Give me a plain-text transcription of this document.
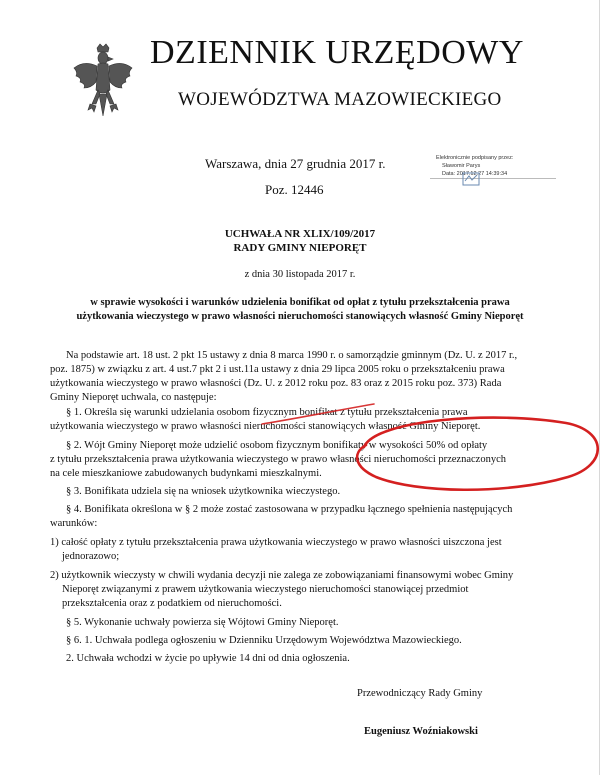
DZIENNIK URZĘDOWY
WOJEWÓDZTWA MAZOWIECKIEGO
Warszawa, dnia 27 grudnia 2017 r.
Poz. 12446
Elektronicznie podpisany przez:
Sławomir Parys
Data: 2017.12.27 14:39:34
UCHWAŁA NR XLIX/109/2017
RADY GMINY NIEPORĘT
z dnia 30 listopada 2017 r.
w sprawie wysokości i warunków udzielenia bonifikat od opłat z tytułu przekształcenia prawa
użytkowania wieczystego w prawo własności nieruchomości stanowiących własność Gminy Nieporęt
Na podstawie art. 18 ust. 2 pkt 15 ustawy z dnia 8 marca 1990 r. o samorządzie gminnym (Dz. U. z 2017 r.,
poz. 1875) w związku z art. 4 ust.7 pkt 2 i ust.11a ustawy z dnia 29 lipca 2005 roku o przekształceniu prawa
użytkowania wieczystego w prawo własności (Dz. U. z 2012 roku poz. 83 oraz z 2015 roku poz. 373) Rada
Gminy Nieporęt uchwala, co następuje:
§ 1. Określa się warunki udzielania osobom fizycznym bonifikat z tytułu przekształcenia prawa
użytkowania wieczystego w prawo własności nieruchomości stanowiących własność Gminy Nieporęt.
§ 2. Wójt Gminy Nieporęt może udzielić osobom fizycznym bonifikaty w wysokości 50% od opłaty
z tytułu przekształcenia prawa użytkowania wieczystego w prawo własności nieruchomości przeznaczonych
na cele mieszkaniowe zabudowanych budynkami mieszkalnymi.
§ 3. Bonifikata udziela się na wniosek użytkownika wieczystego.
§ 4. Bonifikata określona w § 2 może zostać zastosowana w przypadku łącznego spełnienia następujących
warunków:
1) całość opłaty z tytułu przekształcenia prawa użytkowania wieczystego w prawo własności uiszczona jest
jednorazowo;
2) użytkownik wieczysty w chwili wydania decyzji nie zalega ze zobowiązaniami finansowymi wobec Gminy
Nieporęt związanymi z prawem użytkowania wieczystego nieruchomości stanowiącej przedmiot
przekształcenia oraz z podatkiem od nieruchomości.
§ 5. Wykonanie uchwały powierza się Wójtowi Gminy Nieporęt.
§ 6. 1. Uchwała podlega ogłoszeniu w Dzienniku Urzędowym Województwa Mazowieckiego.
2. Uchwała wchodzi w życie po upływie 14 dni od dnia ogłoszenia.
Przewodniczący Rady Gminy
Eugeniusz Woźniakowski
